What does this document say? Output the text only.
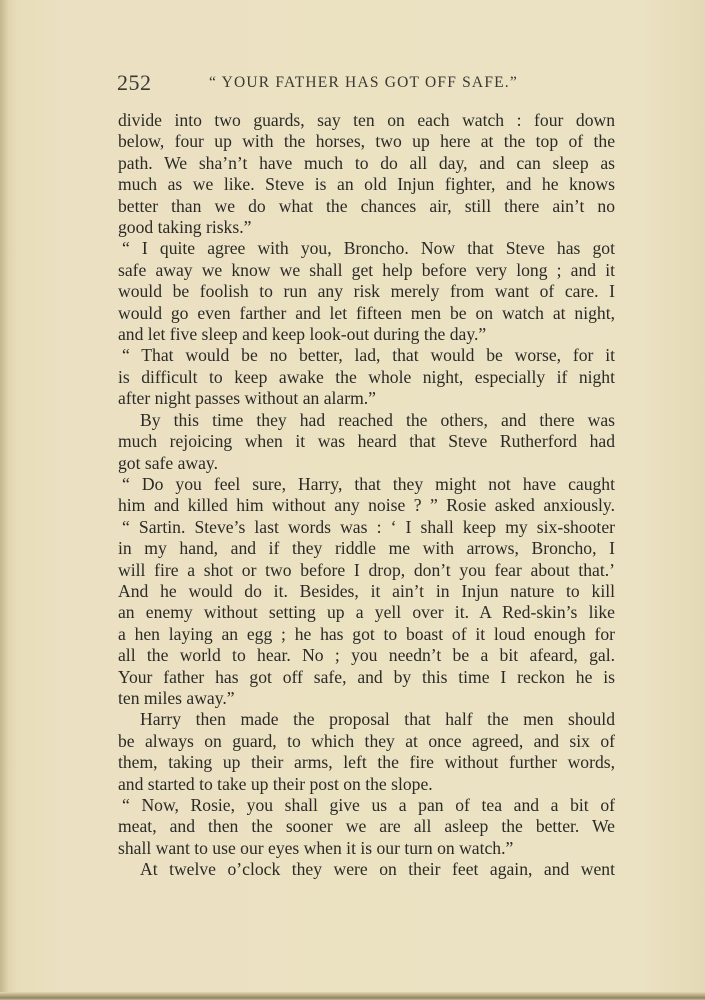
252	“ YOUR FATHER HAS GOT OFF SAFE.”
divide into two guards, say ten on each watch : four down
below, four up with the horses, two up here at the top of the
path. We sha’n’t have much to do all day, and can sleep as
much as we like. Steve is an old Injun fighter, and he knows
better than we do what the chances air, still there ain’t no
good taking risks.”
“ I quite agree with you, Broncho. Now that Steve has got
safe away we know we shall get help before very long ; and it
would be foolish to run any risk merely from want of care. I
would go even farther and let fifteen men be on watch at night,
and let five sleep and keep look-out during the day.”
“ That would be no better, lad, that would be worse, for it
is difficult to keep awake the whole night, especially if night
after night passes without an alarm.”
By this time they had reached the others, and there was
much rejoicing when it was heard that Steve Rutherford had
got safe away.
“ Do you feel sure, Harry, that they might not have caught
him and killed him without any noise ? ” Rosie asked anxiously.
“ Sartin. Steve’s last words was : ‘ I shall keep my six-shooter
in my hand, and if they riddle me with arrows, Broncho, I
will fire a shot or two before I drop, don’t you fear about that.’
And he would do it. Besides, it ain’t in Injun nature to kill
an enemy without setting up a yell over it. A Red-skin’s like
a hen laying an egg ; he has got to boast of it loud enough for
all the world to hear. No ; you needn’t be a bit afeard, gal.
Your father has got off safe, and by this time I reckon he is
ten miles away.”
Harry then made the proposal that half the men should
be always on guard, to which they at once agreed, and six of
them, taking up their arms, left the fire without further words,
and started to take up their post on the slope.
“ Now, Rosie, you shall give us a pan of tea and a bit of
meat, and then the sooner we are all asleep the better. We
shall want to use our eyes when it is our turn on watch.”
At twelve o’clock they were on their feet again, and went
